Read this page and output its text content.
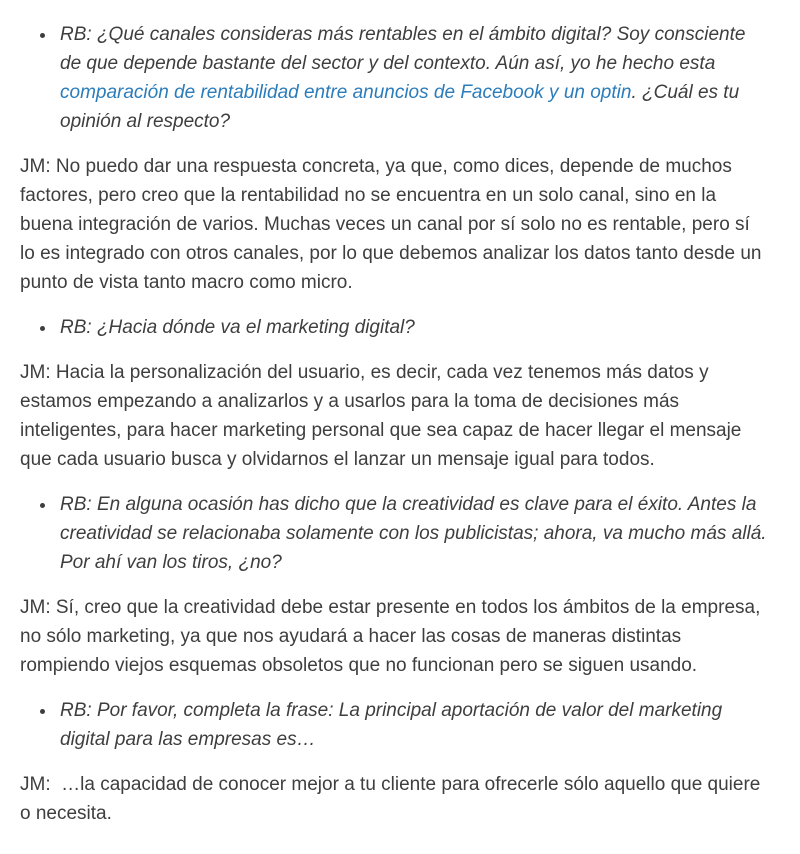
• RB: ¿Qué canales consideras más rentables en el ámbito digital? Soy consciente de que depende bastante del sector y del contexto. Aún así, yo he hecho esta comparación de rentabilidad entre anuncios de Facebook y un optin. ¿Cuál es tu opinión al respecto?

JM: No puedo dar una respuesta concreta, ya que, como dices, depende de muchos factores, pero creo que la rentabilidad no se encuentra en un solo canal, sino en la buena integración de varios. Muchas veces un canal por sí solo no es rentable, pero sí lo es integrado con otros canales, por lo que debemos analizar los datos tanto desde un punto de vista tanto macro como micro.

• RB: ¿Hacia dónde va el marketing digital?

JM: Hacia la personalización del usuario, es decir, cada vez tenemos más datos y estamos empezando a analizarlos y a usarlos para la toma de decisiones más inteligentes, para hacer marketing personal que sea capaz de hacer llegar el mensaje que cada usuario busca y olvidarnos el lanzar un mensaje igual para todos.

• RB: En alguna ocasión has dicho que la creatividad es clave para el éxito. Antes la creatividad se relacionaba solamente con los publicistas; ahora, va mucho más allá. Por ahí van los tiros, ¿no?

JM: Sí, creo que la creatividad debe estar presente en todos los ámbitos de la empresa, no sólo marketing, ya que nos ayudará a hacer las cosas de maneras distintas rompiendo viejos esquemas obsoletos que no funcionan pero se siguen usando.

• RB: Por favor, completa la frase: La principal aportación de valor del marketing digital para las empresas es…

JM:  …la capacidad de conocer mejor a tu cliente para ofrecerle sólo aquello que quiere o necesita.
